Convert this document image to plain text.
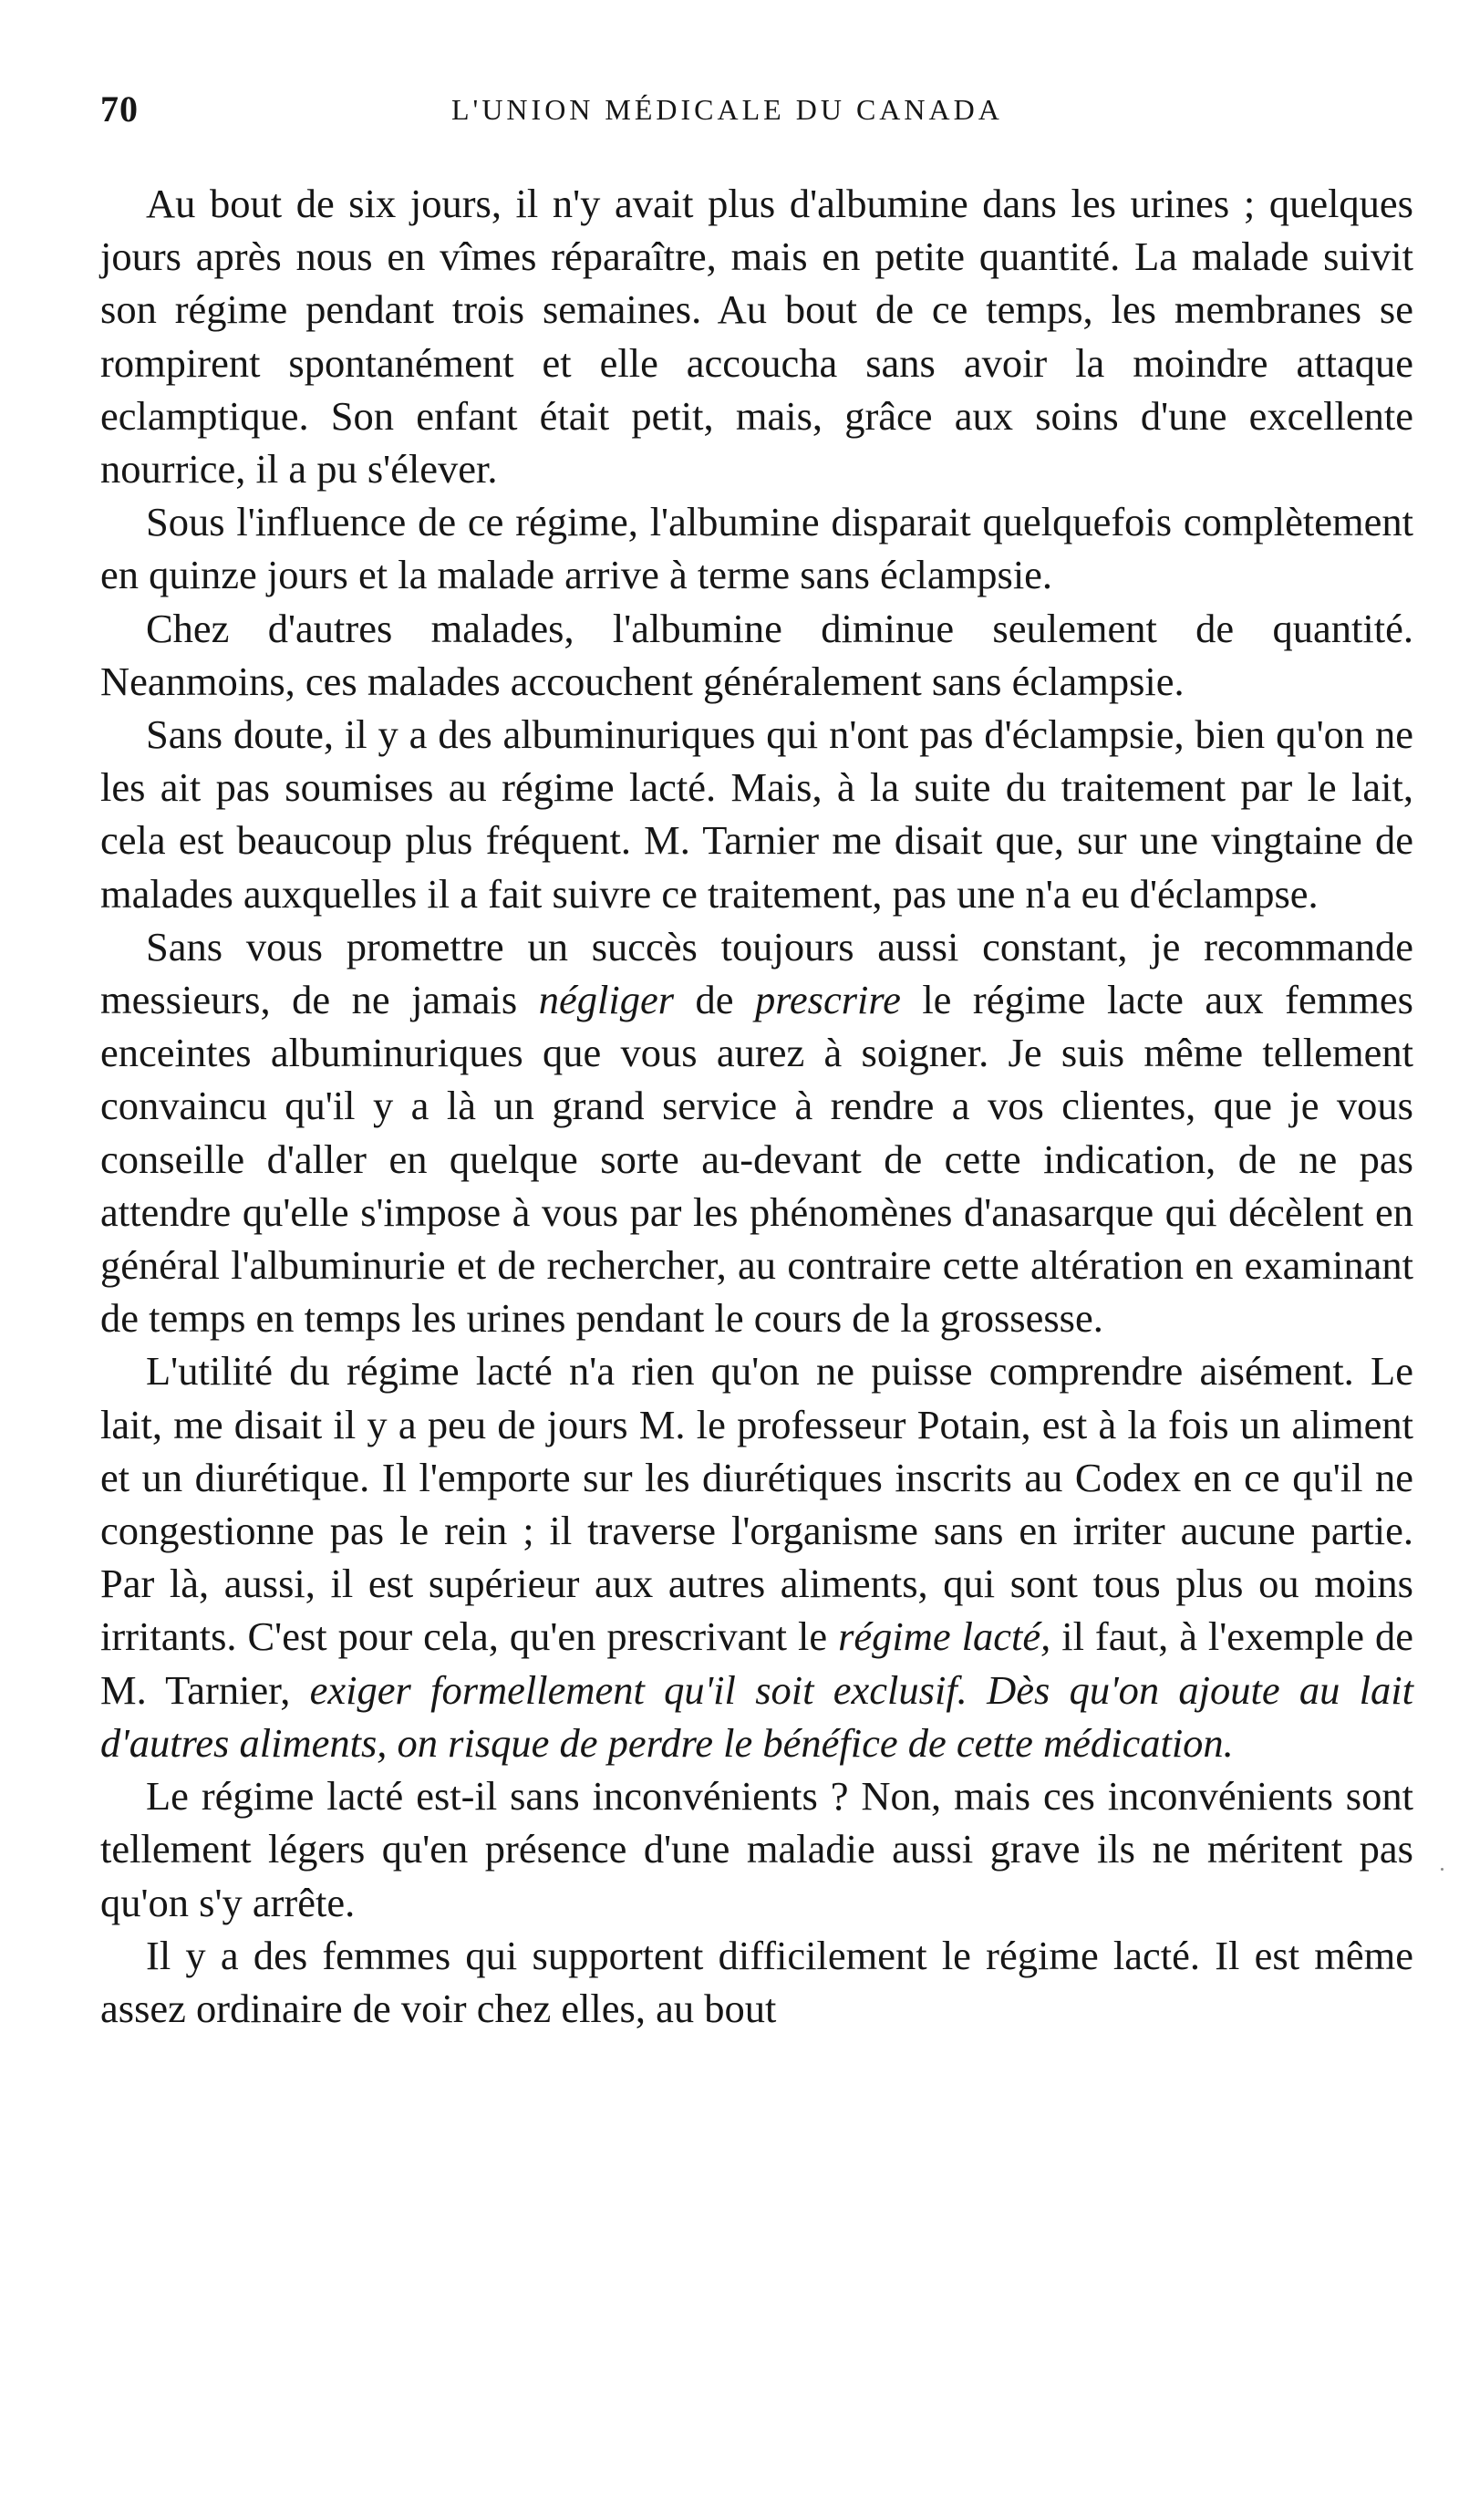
70	L'UNION MÉDICALE DU CANADA

Au bout de six jours, il n'y avait plus d'albumine dans les urines ; quelques jours après nous en vîmes réparaître, mais en petite quantité. La malade suivit son régime pendant trois semaines. Au bout de ce temps, les membranes se rompirent spontanément et elle accoucha sans avoir la moindre attaque eclamptique. Son enfant était petit, mais, grâce aux soins d'une excellente nourrice, il a pu s'élever.

Sous l'influence de ce régime, l'albumine disparait quelquefois complètement en quinze jours et la malade arrive à terme sans éclampsie.

Chez d'autres malades, l'albumine diminue seulement de quantité. Neanmoins, ces malades accouchent généralement sans éclampsie.

Sans doute, il y a des albuminuriques qui n'ont pas d'éclampsie, bien qu'on ne les ait pas soumises au régime lacté. Mais, à la suite du traitement par le lait, cela est beaucoup plus fréquent. M. Tarnier me disait que, sur une vingtaine de malades auxquelles il a fait suivre ce traitement, pas une n'a eu d'éclampse.

Sans vous promettre un succès toujours aussi constant, je recommande messieurs, de ne jamais négliger de prescrire le régime lacte aux femmes enceintes albuminuriques que vous aurez à soigner. Je suis même tellement convaincu qu'il y a là un grand service à rendre a vos clientes, que je vous conseille d'aller en quelque sorte au-devant de cette indication, de ne pas attendre qu'elle s'impose à vous par les phénomènes d'anasarque qui décèlent en général l'albuminurie et de rechercher, au contraire cette altération en examinant de temps en temps les urines pendant le cours de la grossesse.

L'utilité du régime lacté n'a rien qu'on ne puisse comprendre aisément. Le lait, me disait il y a peu de jours M. le professeur Potain, est à la fois un aliment et un diurétique. Il l'emporte sur les diurétiques inscrits au Codex en ce qu'il ne congestionne pas le rein ; il traverse l'organisme sans en irriter aucune partie. Par là, aussi, il est supérieur aux autres aliments, qui sont tous plus ou moins irritants. C'est pour cela, qu'en prescrivant le régime lacté, il faut, à l'exemple de M. Tarnier, exiger formellement qu'il soit exclusif. Dès qu'on ajoute au lait d'autres aliments, on risque de perdre le bénéfice de cette médication.

Le régime lacté est-il sans inconvénients ? Non, mais ces inconvénients sont tellement légers qu'en présence d'une maladie aussi grave ils ne méritent pas qu'on s'y arrête.

Il y a des femmes qui supportent difficilement le régime lacté. Il est même assez ordinaire de voir chez elles, au bout
